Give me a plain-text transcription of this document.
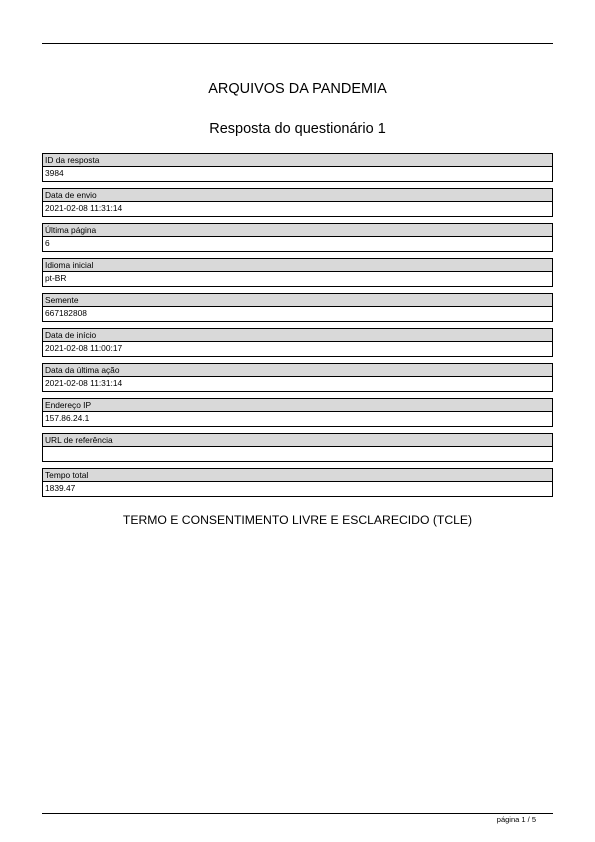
ARQUIVOS DA PANDEMIA
Resposta do questionário 1
ID da resposta
3984
Data de envio
2021-02-08 11:31:14
Última página
6
Idioma inicial
pt-BR
Semente
667182808
Data de início
2021-02-08 11:00:17
Data da última ação
2021-02-08 11:31:14
Endereço IP
157.86.24.1
URL de referência
Tempo total
1839.47
TERMO E CONSENTIMENTO LIVRE E ESCLARECIDO (TCLE)
página 1 / 5
